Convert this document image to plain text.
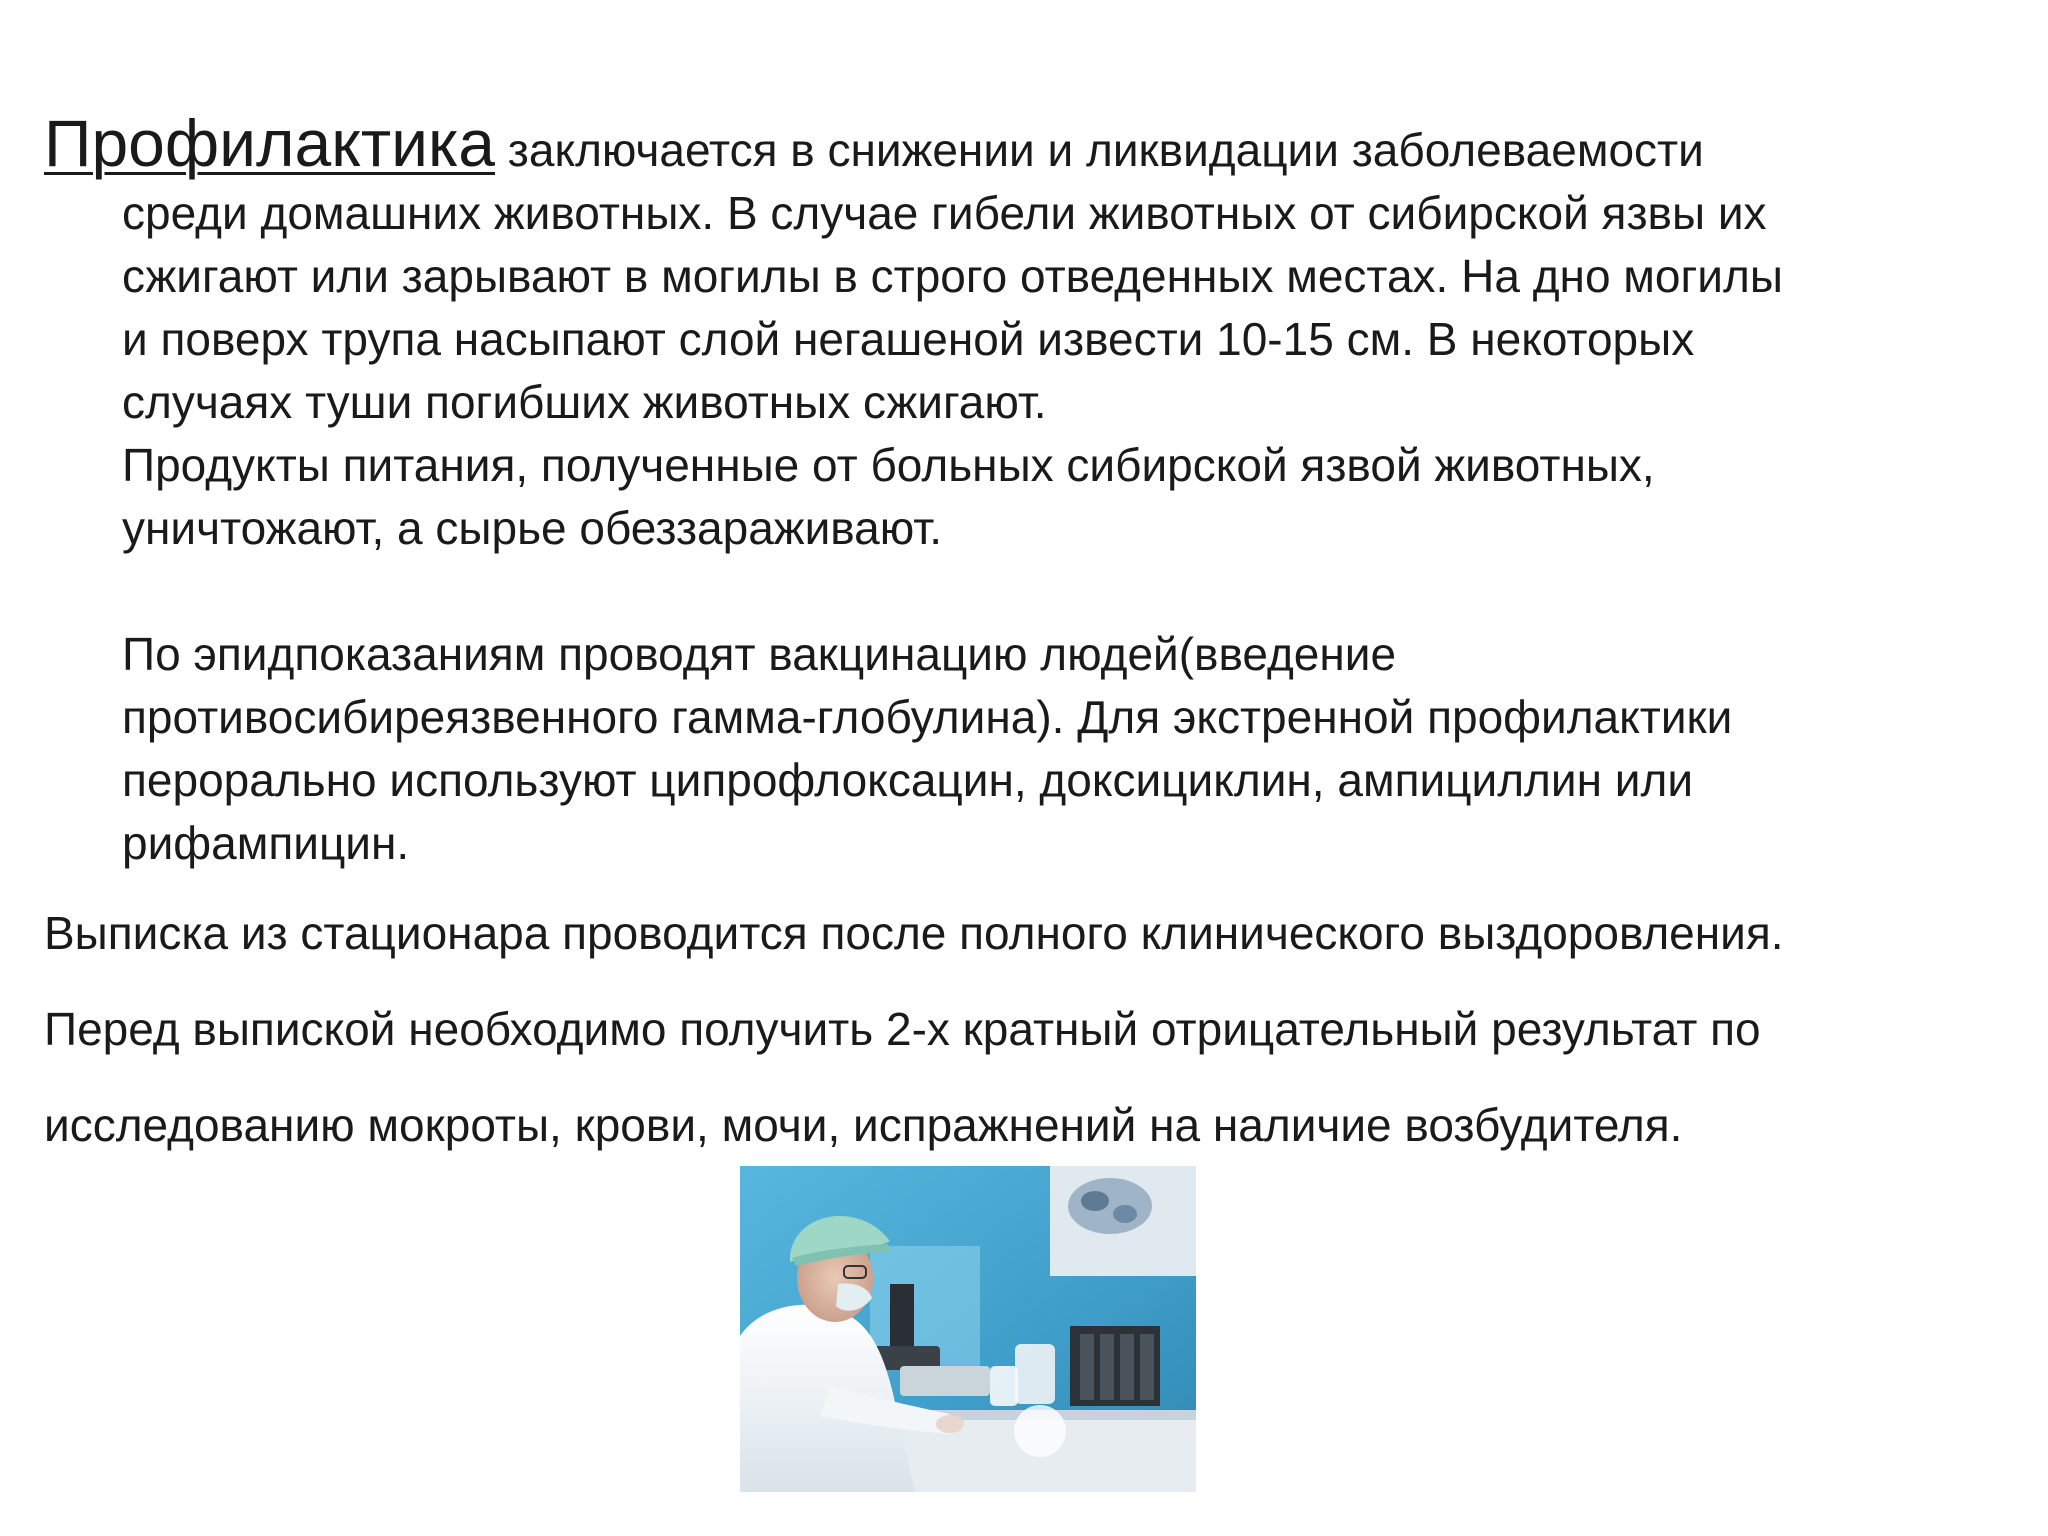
Профилактика заключается в снижении и ликвидации заболеваемости
среди домашних животных. В случае гибели животных от сибирской язвы их
сжигают или зарывают в могилы в строго отведенных местах. На дно могилы
и поверх трупа насыпают слой негашеной извести 10-15 см. В некоторых
случаях туши погибших животных сжигают.
Продукты питания, полученные от больных сибирской язвой животных,
уничтожают, а сырье обеззараживают.
По эпидпоказаниям проводят вакцинацию людей(введение
противосибиреязвенного гамма-глобулина). Для экстренной профилактики
перорально используют ципрофлоксацин, доксициклин, ампициллин или
рифампицин.
Выписка из стационара проводится после полного клинического выздоровления.
Перед выпиской необходимо получить 2-х кратный отрицательный результат по
исследованию мокроты, крови, мочи, испражнений на наличие возбудителя.
